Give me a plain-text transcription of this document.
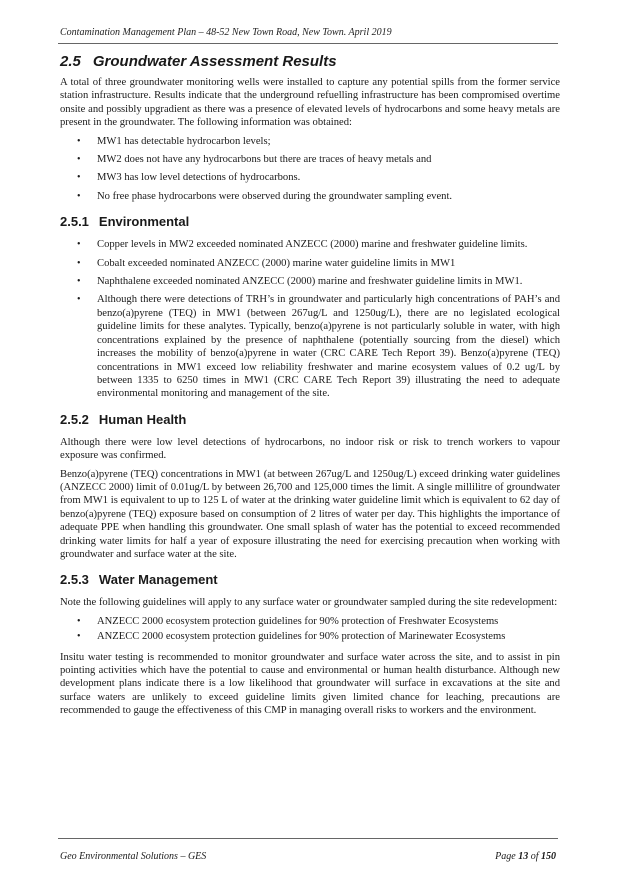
Contamination Management Plan – 48-52 New Town Road, New Town. April 2019
2.5 Groundwater Assessment Results

A total of three groundwater monitoring wells were installed to capture any potential spills from the former service station infrastructure. Results indicate that the underground refuelling infrastructure has been compromised overtime onsite and possibly upgradient as there was a presence of elevated levels of hydrocarbons and some heavy metals are present in the groundwater. The following information was obtained:

• MW1 has detectable hydrocarbon levels;
• MW2 does not have any hydrocarbons but there are traces of heavy metals and
• MW3 has low level detections of hydrocarbons.
• No free phase hydrocarbons were observed during the groundwater sampling event.
2.5.1 Environmental
• Copper levels in MW2 exceeded nominated ANZECC (2000) marine and freshwater guideline limits.
• Cobalt exceeded nominated ANZECC (2000) marine water guideline limits in MW1
• Naphthalene exceeded nominated ANZECC (2000) marine and freshwater guideline limits in MW1.
• Although there were detections of TRH’s in groundwater and particularly high concentrations of PAH’s and benzo(a)pyrene (TEQ) in MW1 (between 267ug/L and 1250ug/L), there are no legislated ecological guideline limits for these analytes. Typically, benzo(a)pyrene is not particularly soluble in water, with high concentrations explained by the presence of naphthalene (potentially sourcing from the diesel) which increases the mobility of benzo(a)pyrene in water (CRC CARE Tech Report 39). Benzo(a)pyrene (TEQ) concentrations in MW1 exceed low reliability freshwater and marine ecosystem values of 0.2 ug/L by between 1335 to 6250 times in MW1 (CRC CARE Tech Report 39) illustrating the need to adequate environmental monitoring and management of the site.
2.5.2 Human Health

Although there were low level detections of hydrocarbons, no indoor risk or risk to trench workers to vapour exposure was confirmed.

Benzo(a)pyrene (TEQ) concentrations in MW1 (at between 267ug/L and 1250ug/L) exceed drinking water guidelines (ANZECC 2000) limit of 0.01ug/L by between 26,700 and 125,000 times the limit. A single millilitre of groundwater from MW1 is equivalent to up to 125 L of water at the drinking water guideline limit which is equivalent to 62 day of benzo(a)pyrene (TEQ) exposure based on consumption of 2 litres of water per day. This highlights the importance of adequate PPE when handling this groundwater. One small splash of water has the potential to exceed recommended drinking water limits for half a year of exposure illustrating the need for exercising precaution when working with groundwater and surface water at the site.

2.5.3 Water Management

Note the following guidelines will apply to any surface water or groundwater sampled during the site redevelopment:

• ANZECC 2000 ecosystem protection guidelines for 90% protection of Freshwater Ecosystems
• ANZECC 2000 ecosystem protection guidelines for 90% protection of Marinewater Ecosystems

Insitu water testing is recommended to monitor groundwater and surface water across the site, and to assist in pin pointing activities which have the potential to cause and environmental or human health disturbance. Although new development plans indicate there is a low likelihood that groundwater will surface in excavations at the site and surface waters are unlikely to exceed guideline limits given limited chance for leaching, precautions are recommended to gauge the effectiveness of this CMP in managing overall risks to workers and the environment.

Geo Environmental Solutions – GES	Page 13 of 150
